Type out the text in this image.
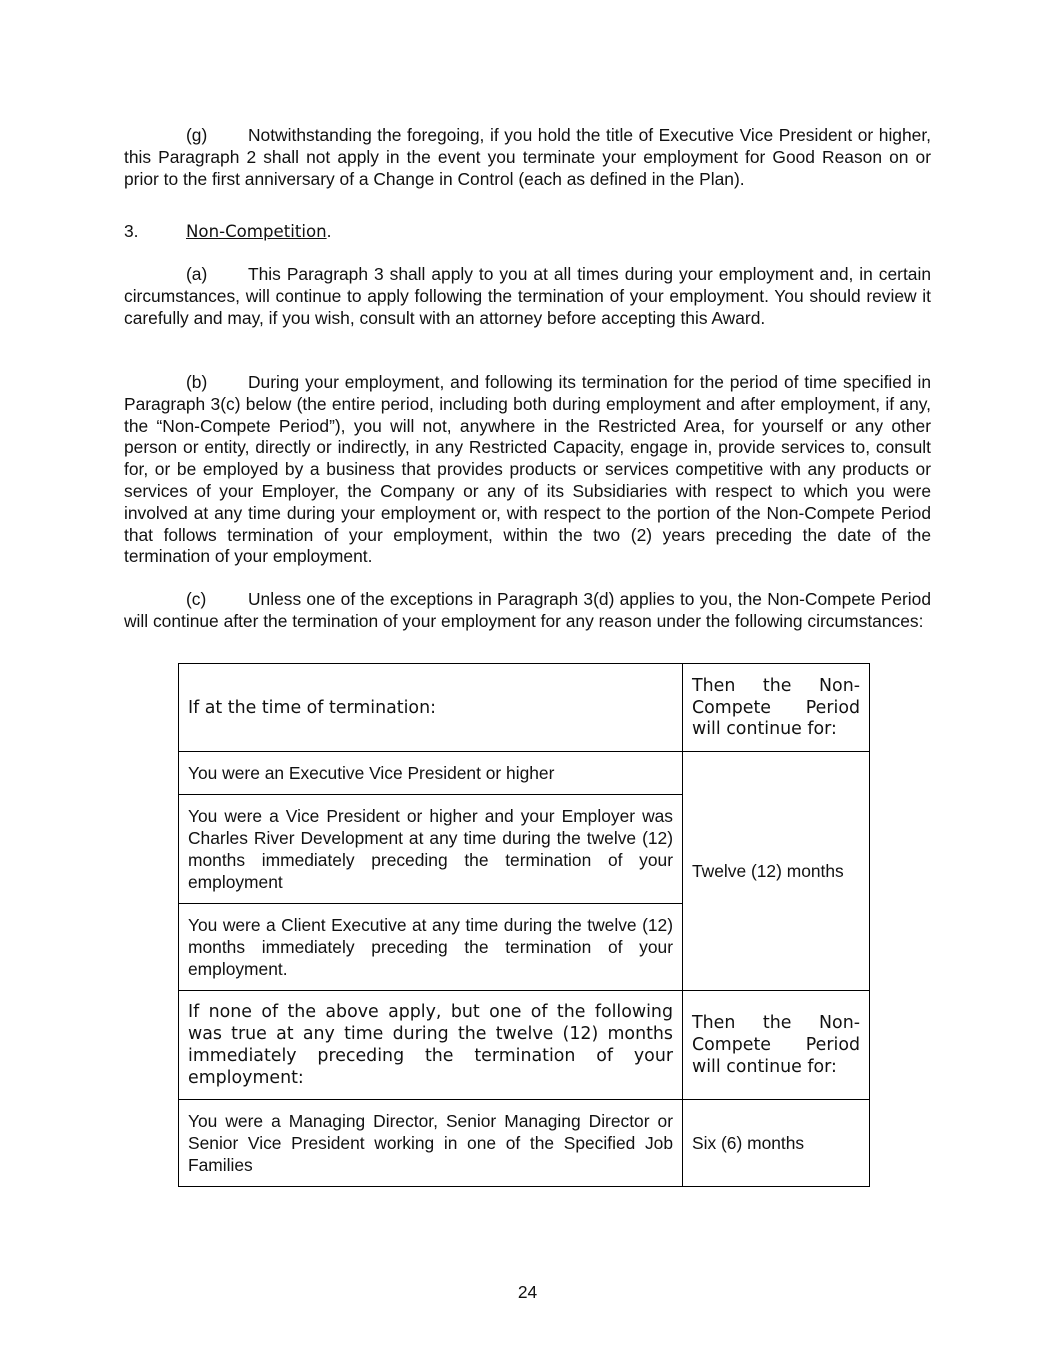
(g) Notwithstanding the foregoing, if you hold the title of Executive Vice President or higher, this Paragraph 2 shall not apply in the event you terminate your employment for Good Reason on or prior to the first anniversary of a Change in Control (each as defined in the Plan).

3.	Non-Competition.

(a) This Paragraph 3 shall apply to you at all times during your employment and, in certain circumstances, will continue to apply following the termination of your employment. You should review it carefully and may, if you wish, consult with an attorney before accepting this Award.

(b) During your employment, and following its termination for the period of time specified in Paragraph 3(c) below (the entire period, including both during employment and after employment, if any, the “Non-Compete Period”), you will not, anywhere in the Restricted Area, for yourself or any other person or entity, directly or indirectly, in any Restricted Capacity, engage in, provide services to, consult for, or be employed by a business that provides products or services competitive with any products or services of your Employer, the Company or any of its Subsidiaries with respect to which you were involved at any time during your employment or, with respect to the portion of the Non-Compete Period that follows termination of your employment, within the two (2) years preceding the date of the termination of your employment.

(c) Unless one of the exceptions in Paragraph 3(d) applies to you, the Non-Compete Period will continue after the termination of your employment for any reason under the following circumstances:

If at the time of termination:	Then the Non-Compete Period will continue for:
You were an Executive Vice President or higher	Twelve (12) months
You were a Vice President or higher and your Employer was Charles River Development at any time during the twelve (12) months immediately preceding the termination of your employment	
You were a Client Executive at any time during the twelve (12) months immediately preceding the termination of your employment.	
If none of the above apply, but one of the following was true at any time during the twelve (12) months immediately preceding the termination of your employment:	Then the Non-Compete Period will continue for:
You were a Managing Director, Senior Managing Director or Senior Vice President working in one of the Specified Job Families	Six (6) months
24
